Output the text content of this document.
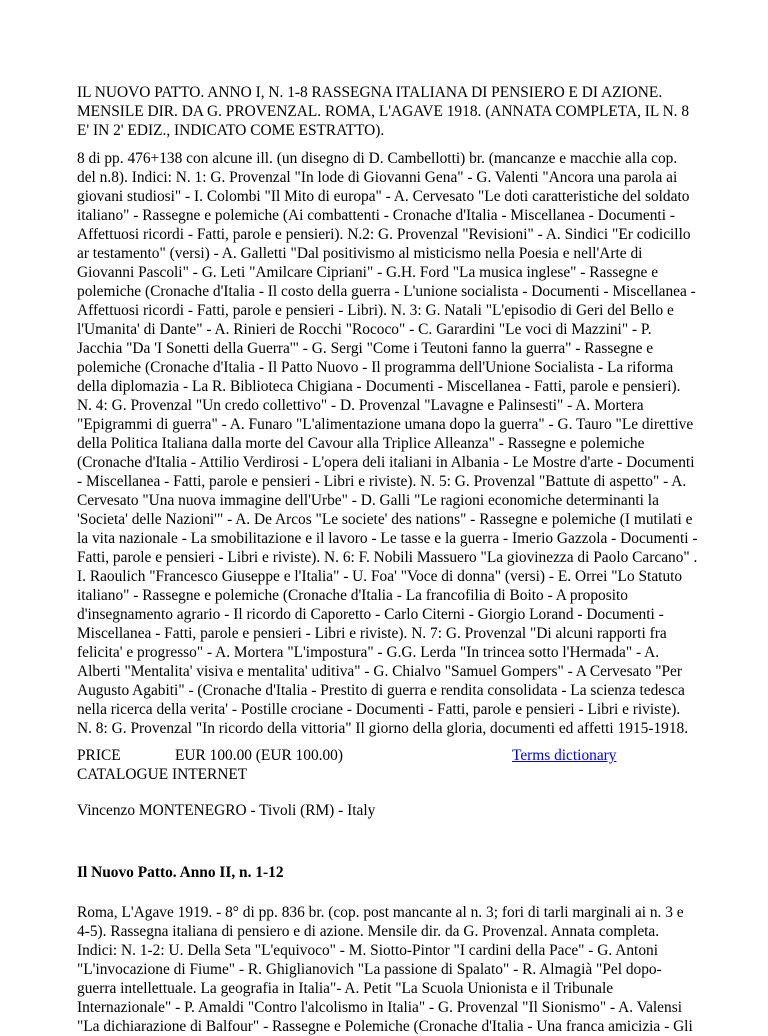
IL NUOVO PATTO. ANNO I, N. 1-8 RASSEGNA ITALIANA DI PENSIERO E DI AZIONE. MENSILE DIR. DA G. PROVENZAL. ROMA, L'AGAVE 1918. (ANNATA COMPLETA, IL N. 8 E' IN 2' EDIZ., INDICATO COME ESTRATTO).

8 di pp. 476+138 con alcune ill. (un disegno di D. Cambellotti) br. (mancanze e macchie alla cop. del n.8). Indici: N. 1: G. Provenzal "In lode di Giovanni Gena" - G. Valenti "Ancora una parola ai giovani studiosi" - I. Colombi "Il Mito di europa" - A. Cervesato "Le doti caratteristiche del soldato italiano" - Rassegne e polemiche (Ai combattenti - Cronache d'Italia - Miscellanea - Documenti - Affettuosi ricordi - Fatti, parole e pensieri). N.2: G. Provenzal "Revisioni" - A. Sindici "Er codicillo ar testamento" (versi) - A. Galletti "Dal positivismo al misticismo nella Poesia e nell'Arte di Giovanni Pascoli" - G. Leti "Amilcare Cipriani" - G.H. Ford "La musica inglese" - Rassegne e polemiche (Cronache d'Italia - Il costo della guerra - L'unione socialista - Documenti - Miscellanea - Affettuosi ricordi - Fatti, parole e pensieri - Libri). N. 3: G. Natali "L'episodio di Geri del Bello e l'Umanita' di Dante" - A. Rinieri de Rocchi "Rococo" - C. Garardini "Le voci di Mazzini" - P. Jacchia "Da 'I Sonetti della Guerra'" - G. Sergi "Come i Teutoni fanno la guerra" - Rassegne e polemiche (Cronache d'Italia - Il Patto Nuovo - Il programma dell'Unione Socialista - La riforma della diplomazia - La R. Biblioteca Chigiana - Documenti - Miscellanea - Fatti, parole e pensieri). N. 4: G. Provenzal "Un credo collettivo" - D. Provenzal "Lavagne e Palinsesti" - A. Mortera "Epigrammi di guerra" - A. Funaro "L'alimentazione umana dopo la guerra" - G. Tauro "Le direttive della Politica Italiana dalla morte del Cavour alla Triplice Alleanza" - Rassegne e polemiche (Cronache d'Italia - Attilio Verdirosi - L'opera deli italiani in Albania - Le Mostre d'arte - Documenti - Miscellanea - Fatti, parole e pensieri - Libri e riviste). N. 5: G. Provenzal "Battute di aspetto" - A. Cervesato "Una nuova immagine dell'Urbe" - D. Galli "Le ragioni economiche determinanti la 'Societa' delle Nazioni'" - A. De Arcos "Le societe' des nations" - Rassegne e polemiche (I mutilati e la vita nazionale - La smobilitazione e il lavoro - Le tasse e la guerra - Imerio Gazzola - Documenti - Fatti, parole e pensieri - Libri e riviste). N. 6: F. Nobili Massuero "La giovinezza di Paolo Carcano" . I. Raoulich "Francesco Giuseppe e l'Italia" - U. Foa' "Voce di donna" (versi) - E. Orrei "Lo Statuto italiano" - Rassegne e polemiche (Cronache d'Italia - La francofilia di Boito - A proposito d'insegnamento agrario - Il ricordo di Caporetto - Carlo Citerni - Giorgio Lorand - Documenti - Miscellanea - Fatti, parole e pensieri - Libri e riviste). N. 7: G. Provenzal "Di alcuni rapporti fra felicita' e progresso" - A. Mortera "L'impostura" - G.G. Lerda "In trincea sotto l'Hermada" - A. Alberti "Mentalita' visiva e mentalita' uditiva" - G. Chialvo "Samuel Gompers" - A Cervesato "Per Augusto Agabiti" - (Cronache d'Italia - Prestito di guerra e rendita consolidata - La scienza tedesca nella ricerca della verita' - Postille crociane - Documenti - Fatti, parole e pensieri - Libri e riviste). N. 8: G. Provenzal "In ricordo della vittoria" Il giorno della gloria, documenti ed affetti 1915-1918.

PRICE	EUR 100.00 (EUR 100.00)	Terms dictionary

CATALOGUE INTERNET

Vincenzo MONTENEGRO - Tivoli (RM) - Italy

Il Nuovo Patto. Anno II, n. 1-12

Roma, L'Agave 1919. - 8° di pp. 836 br. (cop. post mancante al n. 3; fori di tarli marginali ai n. 3 e 4-5). Rassegna italiana di pensiero e di azione. Mensile dir. da G. Provenzal. Annata completa. Indici: N. 1-2: U. Della Seta "L'equivoco" - M. Siotto-Pintor "I cardini della Pace" - G. Antoni "L'invocazione di Fiume" - R. Ghiglianovich "La passione di Spalato" - R. Almagià "Pel dopo-guerra intellettuale. La geografia in Italia"- A. Petit "La Scuola Unionista e il Tribunale Internazionale" - P. Amaldi "Contro l'alcolismo in Italia" - G. Provenzal "Il Sionismo" - A. Valensi "La dichiarazione di Balfour" - Rassegne e Polemiche (Cronache d'Italia - Una franca amicizia - Gli
